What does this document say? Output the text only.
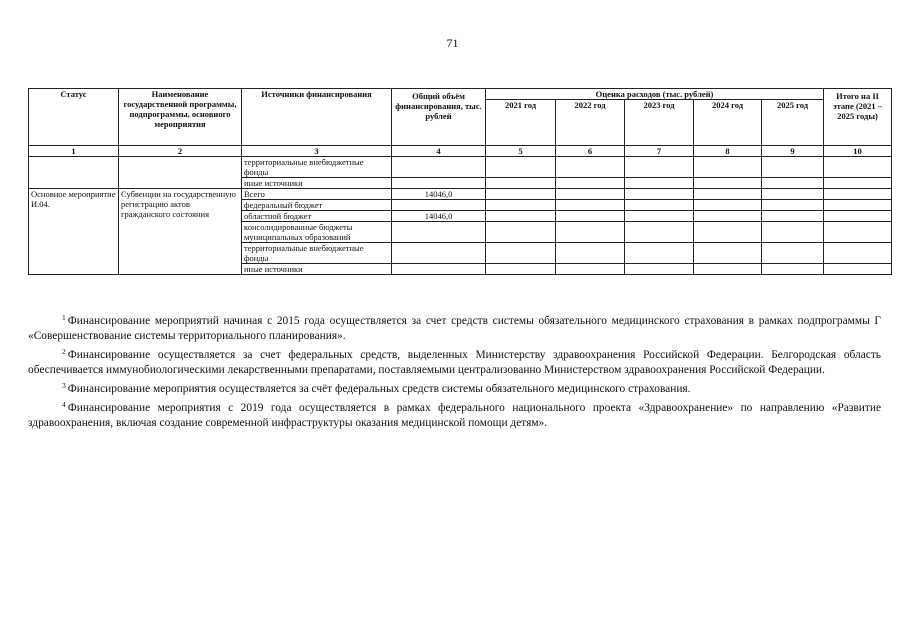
71
Статус	Наименование государственной программы, подпрограммы, основного мероприятия	Источники финансирования	Общий объём финансирования, тыс. рублей	Оценка расходов (тыс. рублей)					Итого на II этапе (2021 – 2025 годы)
				2021 год	2022 год	2023 год	2024 год	2025 год	
1	2	3	4	5	6	7	8	9	10
		территориальные внебюджетные фонды							
		иные источники							
Основное мероприятие И.04.	Субвенции на государственную регистрацию актов гражданского состояния	Всего	14046,0						
		федеральный бюджет							
		областной бюджет	14046,0						
		консолидированные бюджеты муниципальных образований							
		территориальные внебюджетные фонды							
		иные источники							

$^1$ Финансирование мероприятий начиная с 2015 года осуществляется за счет средств системы обязательного медицинского страхования в рамках подпрограммы Г «Совершенствование системы территориального планирования».

$^2$ Финансирование осуществляется за счет федеральных средств, выделенных Министерству здравоохранения Российской Федерации. Белгородская область обеспечивается иммунобиологическими лекарственными препаратами, поставляемыми централизованно Министерством здравоохранения Российской Федерации.

$^3$ Финансирование мероприятия осуществляется за счёт федеральных средств системы обязательного медицинского страхования.

$^4$ Финансирование мероприятия с 2019 года осуществляется в рамках федерального национального проекта «Здравоохранение» по направлению «Развитие здравоохранения, включая создание современной инфраструктуры оказания медицинской помощи детям».
